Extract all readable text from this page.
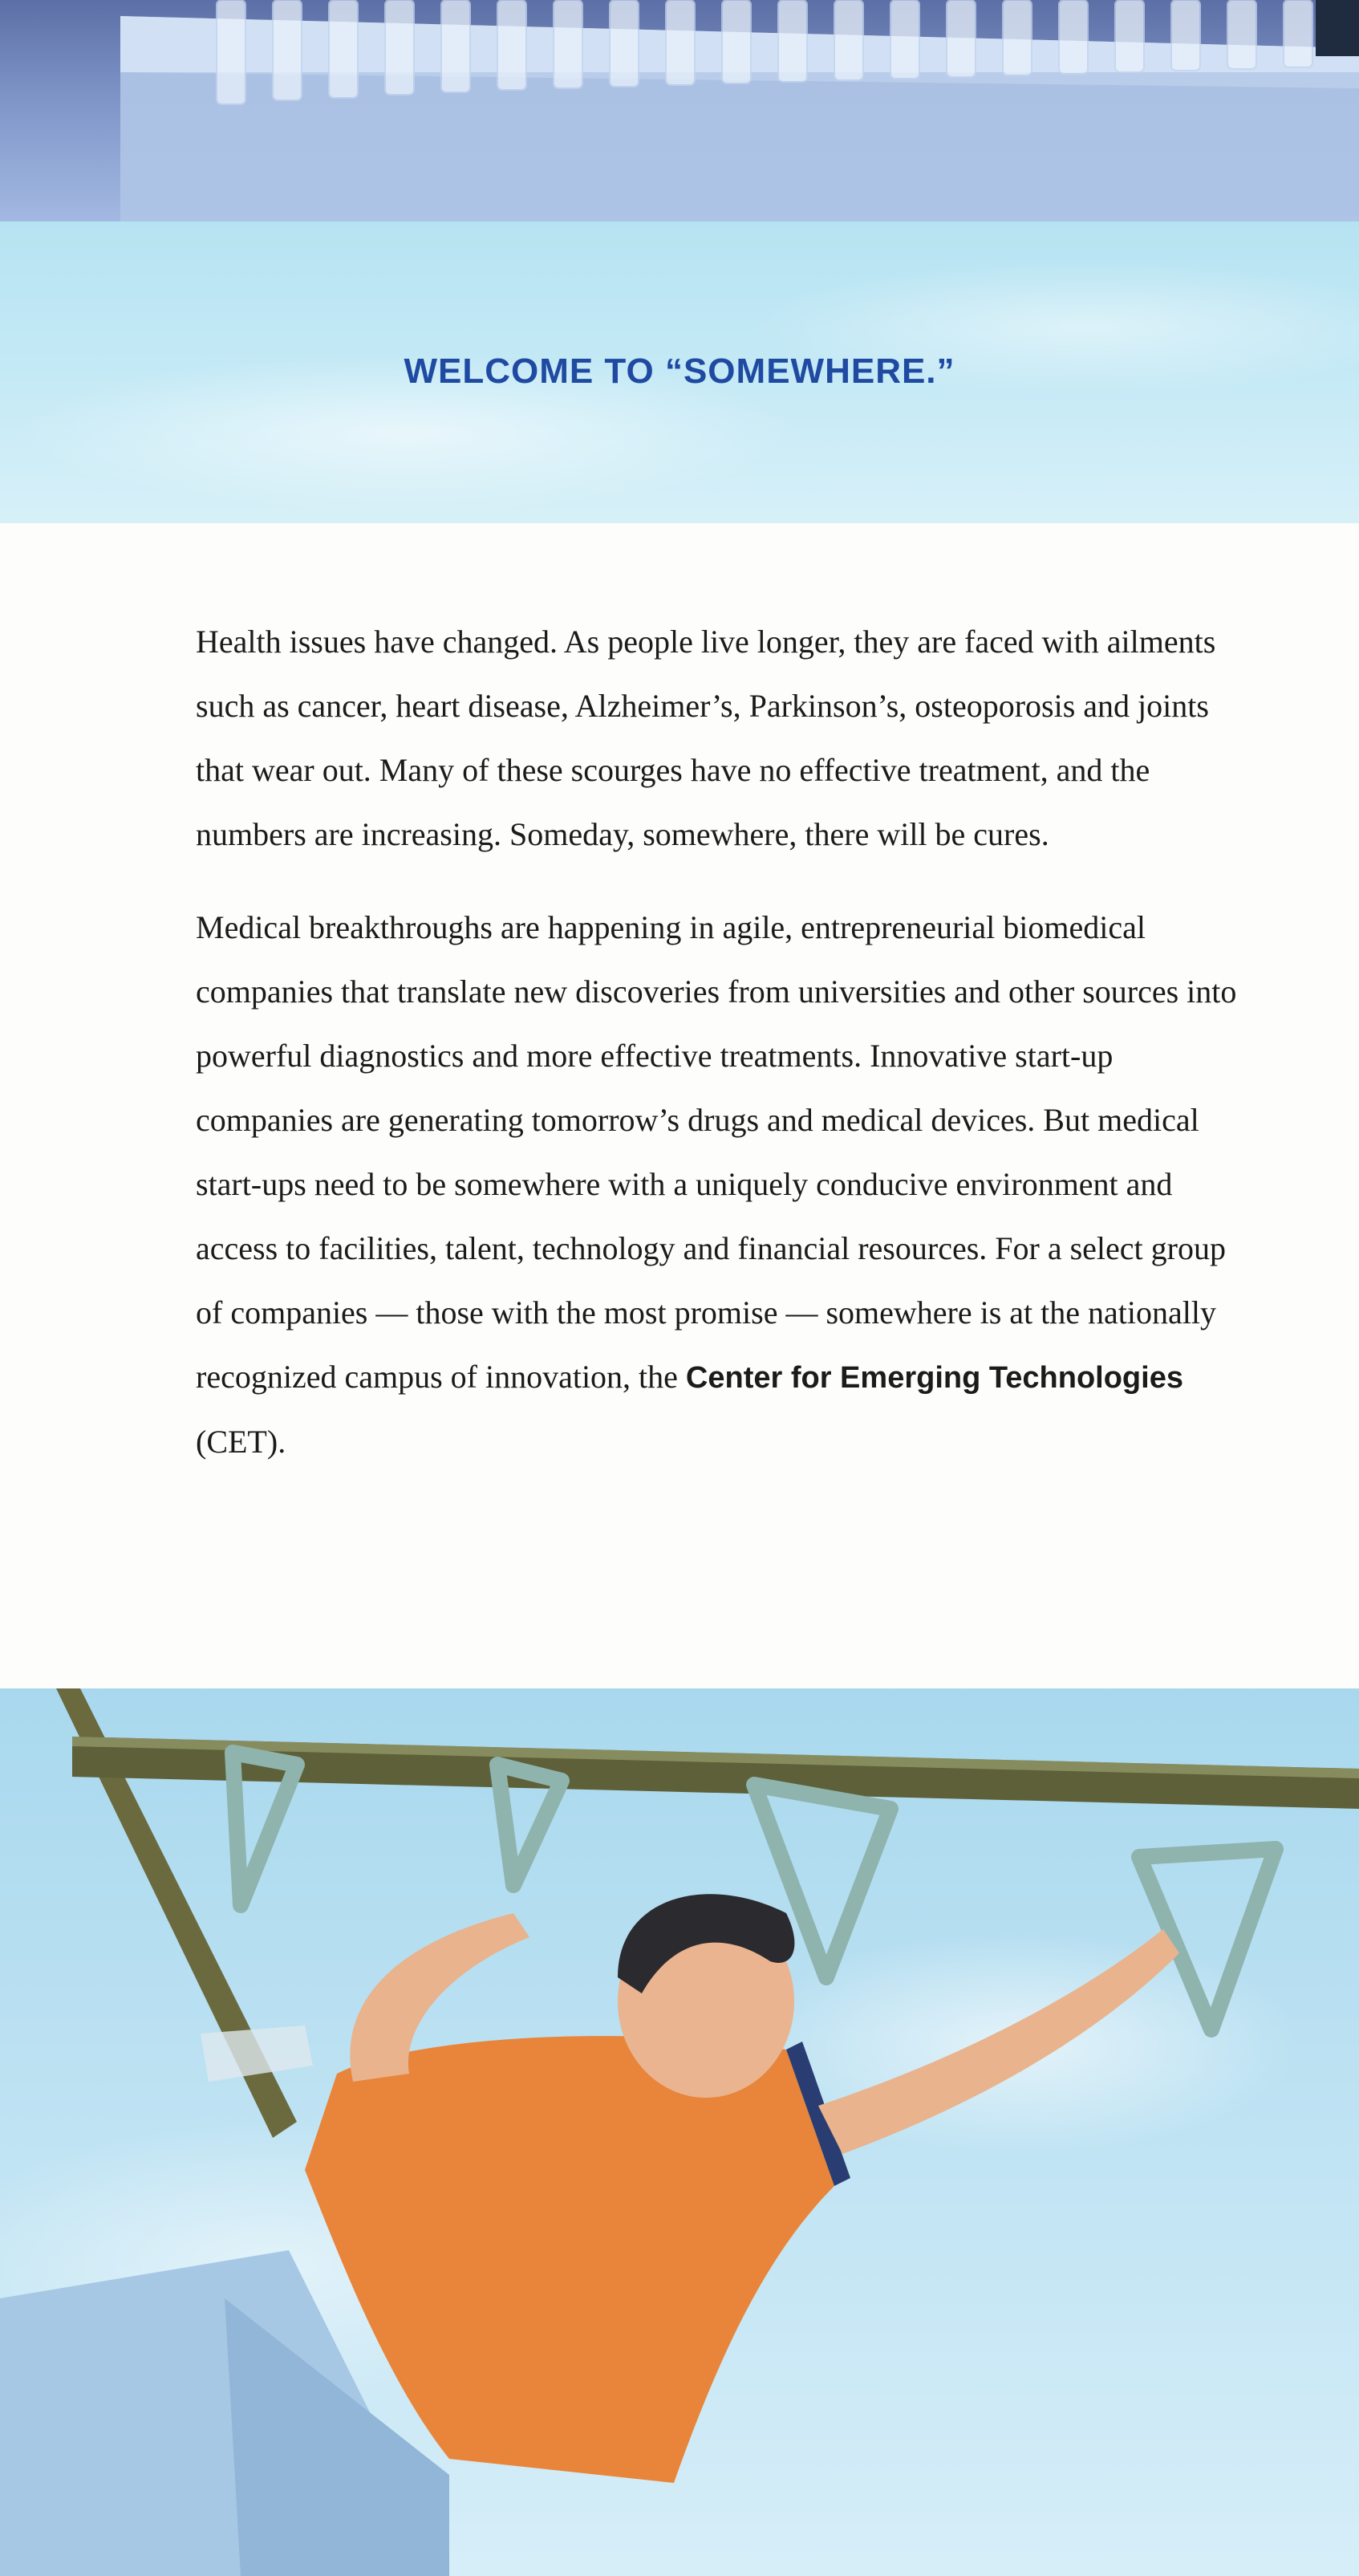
WELCOME TO “SOMEWHERE.”

Health issues have changed. As people live longer, they are faced with ailments such as cancer, heart disease, Alzheimer’s, Parkinson’s, osteoporosis and joints that wear out. Many of these scourges have no effective treatment, and the numbers are increasing. Someday, somewhere, there will be cures.

Medical breakthroughs are happening in agile, entrepreneurial biomedical companies that translate new discoveries from universities and other sources into powerful diagnostics and more effective treatments. Innovative start-up companies are generating tomorrow’s drugs and medical devices. But medical start-ups need to be somewhere with a uniquely conducive environment and access to facilities, talent, technology and financial resources. For a select group of companies — those with the most promise — somewhere is at the nationally recognized campus of innovation, the Center for Emerging Technologies (CET).
